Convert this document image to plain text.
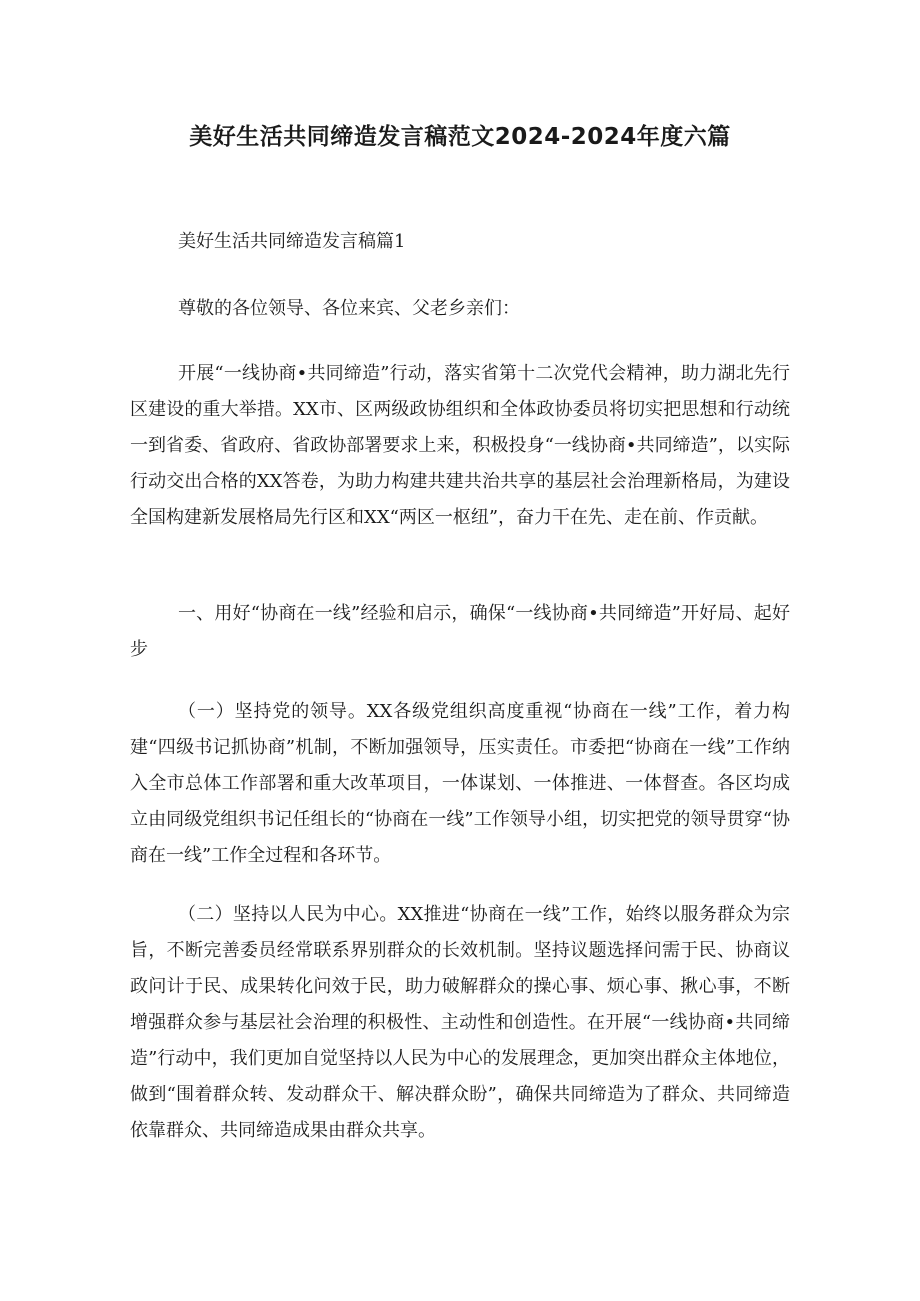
美好生活共同缔造发言稿范文2024-2024年度六篇
美好生活共同缔造发言稿篇1

尊敬的各位领导、各位来宾、父老乡亲们：

开展“一线协商•共同缔造”行动，落实省第十二次党代会精神，助力湖北先行区建设的重大举措。XX市、区两级政协组织和全体政协委员将切实把思想和行动统一到省委、省政府、省政协部署要求上来，积极投身“一线协商•共同缔造”，以实际行动交出合格的XX答卷，为助力构建共建共治共享的基层社会治理新格局，为建设全国构建新发展格局先行区和XX“两区一枢纽”，奋力干在先、走在前、作贡献。

一、用好“协商在一线”经验和启示，确保“一线协商•共同缔造”开好局、起好步

（一）坚持党的领导。XX各级党组织高度重视“协商在一线”工作，着力构建“四级书记抓协商”机制，不断加强领导，压实责任。市委把“协商在一线”工作纳入全市总体工作部署和重大改革项目，一体谋划、一体推进、一体督查。各区均成立由同级党组织书记任组长的“协商在一线”工作领导小组，切实把党的领导贯穿“协商在一线”工作全过程和各环节。

（二）坚持以人民为中心。XX推进“协商在一线”工作，始终以服务群众为宗旨，不断完善委员经常联系界别群众的长效机制。坚持议题选择问需于民、协商议政问计于民、成果转化问效于民，助力破解群众的操心事、烦心事、揪心事，不断增强群众参与基层社会治理的积极性、主动性和创造性。在开展“一线协商•共同缔造”行动中，我们更加自觉坚持以人民为中心的发展理念，更加突出群众主体地位，做到“围着群众转、发动群众干、解决群众盼”，确保共同缔造为了群众、共同缔造依靠群众、共同缔造成果由群众共享。
